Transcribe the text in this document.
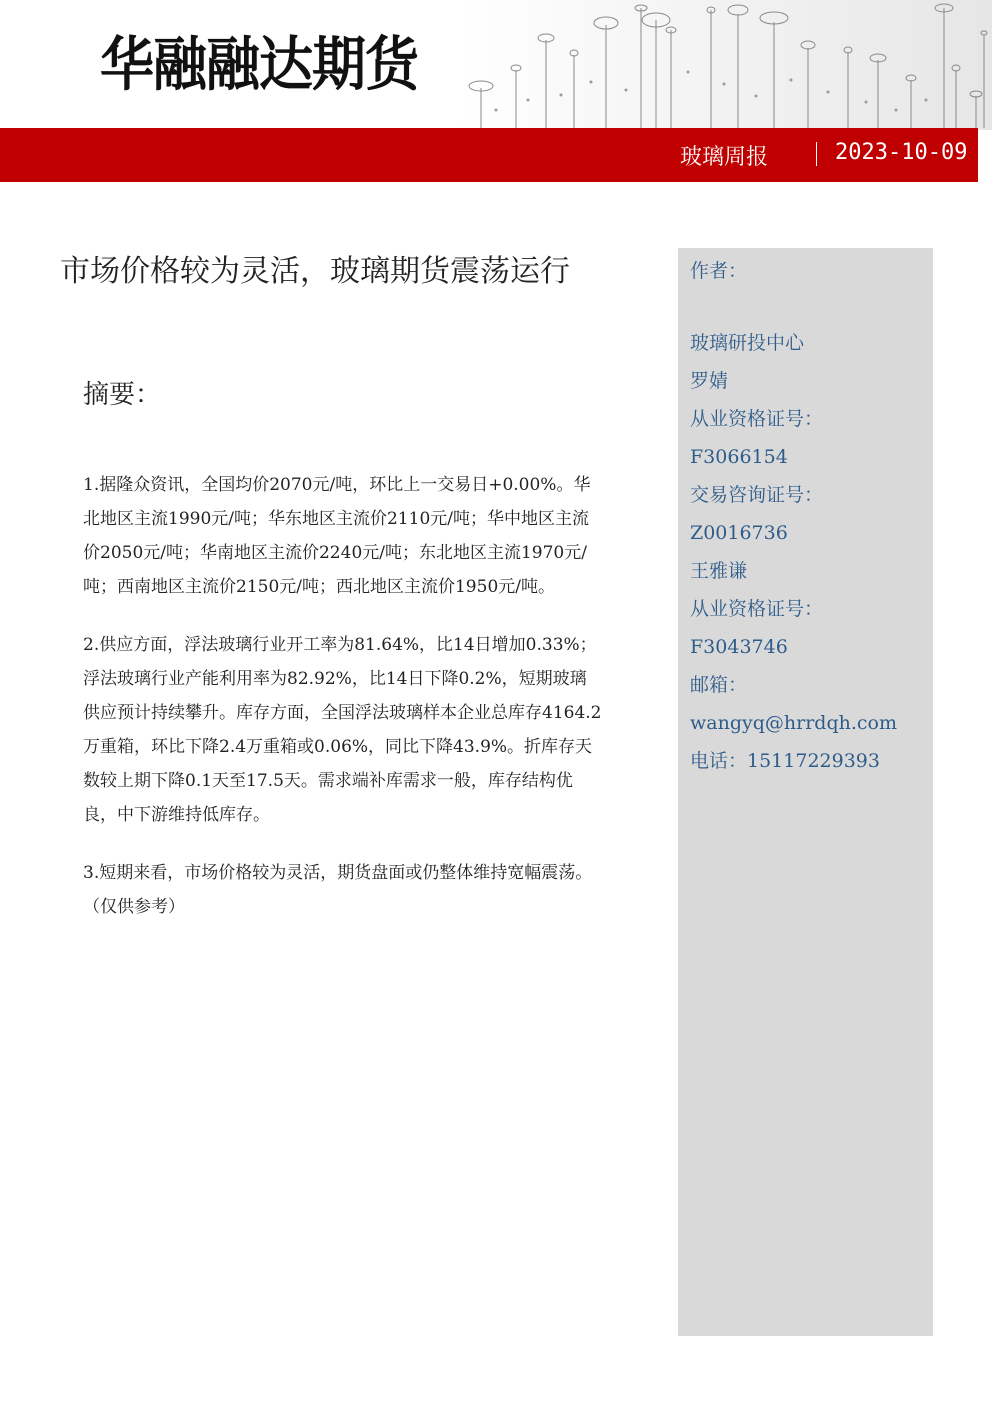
华融融达期货
玻璃周报	2023-10-09
市场价格较为灵活，玻璃期货震荡运行
摘要：

1.据隆众资讯，全国均价2070元/吨，环比上一交易日+0.00%。华北地区主流1990元/吨；华东地区主流价2110元/吨；华中地区主流价2050元/吨；华南地区主流价2240元/吨；东北地区主流1970元/吨；西南地区主流价2150元/吨；西北地区主流价1950元/吨。

2.供应方面，浮法玻璃行业开工率为81.64%，比14日增加0.33%；浮法玻璃行业产能利用率为82.92%，比14日下降0.2%，短期玻璃供应预计持续攀升。库存方面，全国浮法玻璃样本企业总库存4164.2万重箱，环比下降2.4万重箱或0.06%，同比下降43.9%。折库存天数较上期下降0.1天至17.5天。需求端补库需求一般，库存结构优良，中下游维持低库存。

3.短期来看，市场价格较为灵活，期货盘面或仍整体维持宽幅震荡。（仅供参考）

作者：
玻璃研投中心
罗婧
从业资格证号：
F3066154
交易咨询证号：
Z0016736
王雅谦
从业资格证号：
F3043746
邮箱：
wangyq@hrrdqh.com
电话：15117229393
